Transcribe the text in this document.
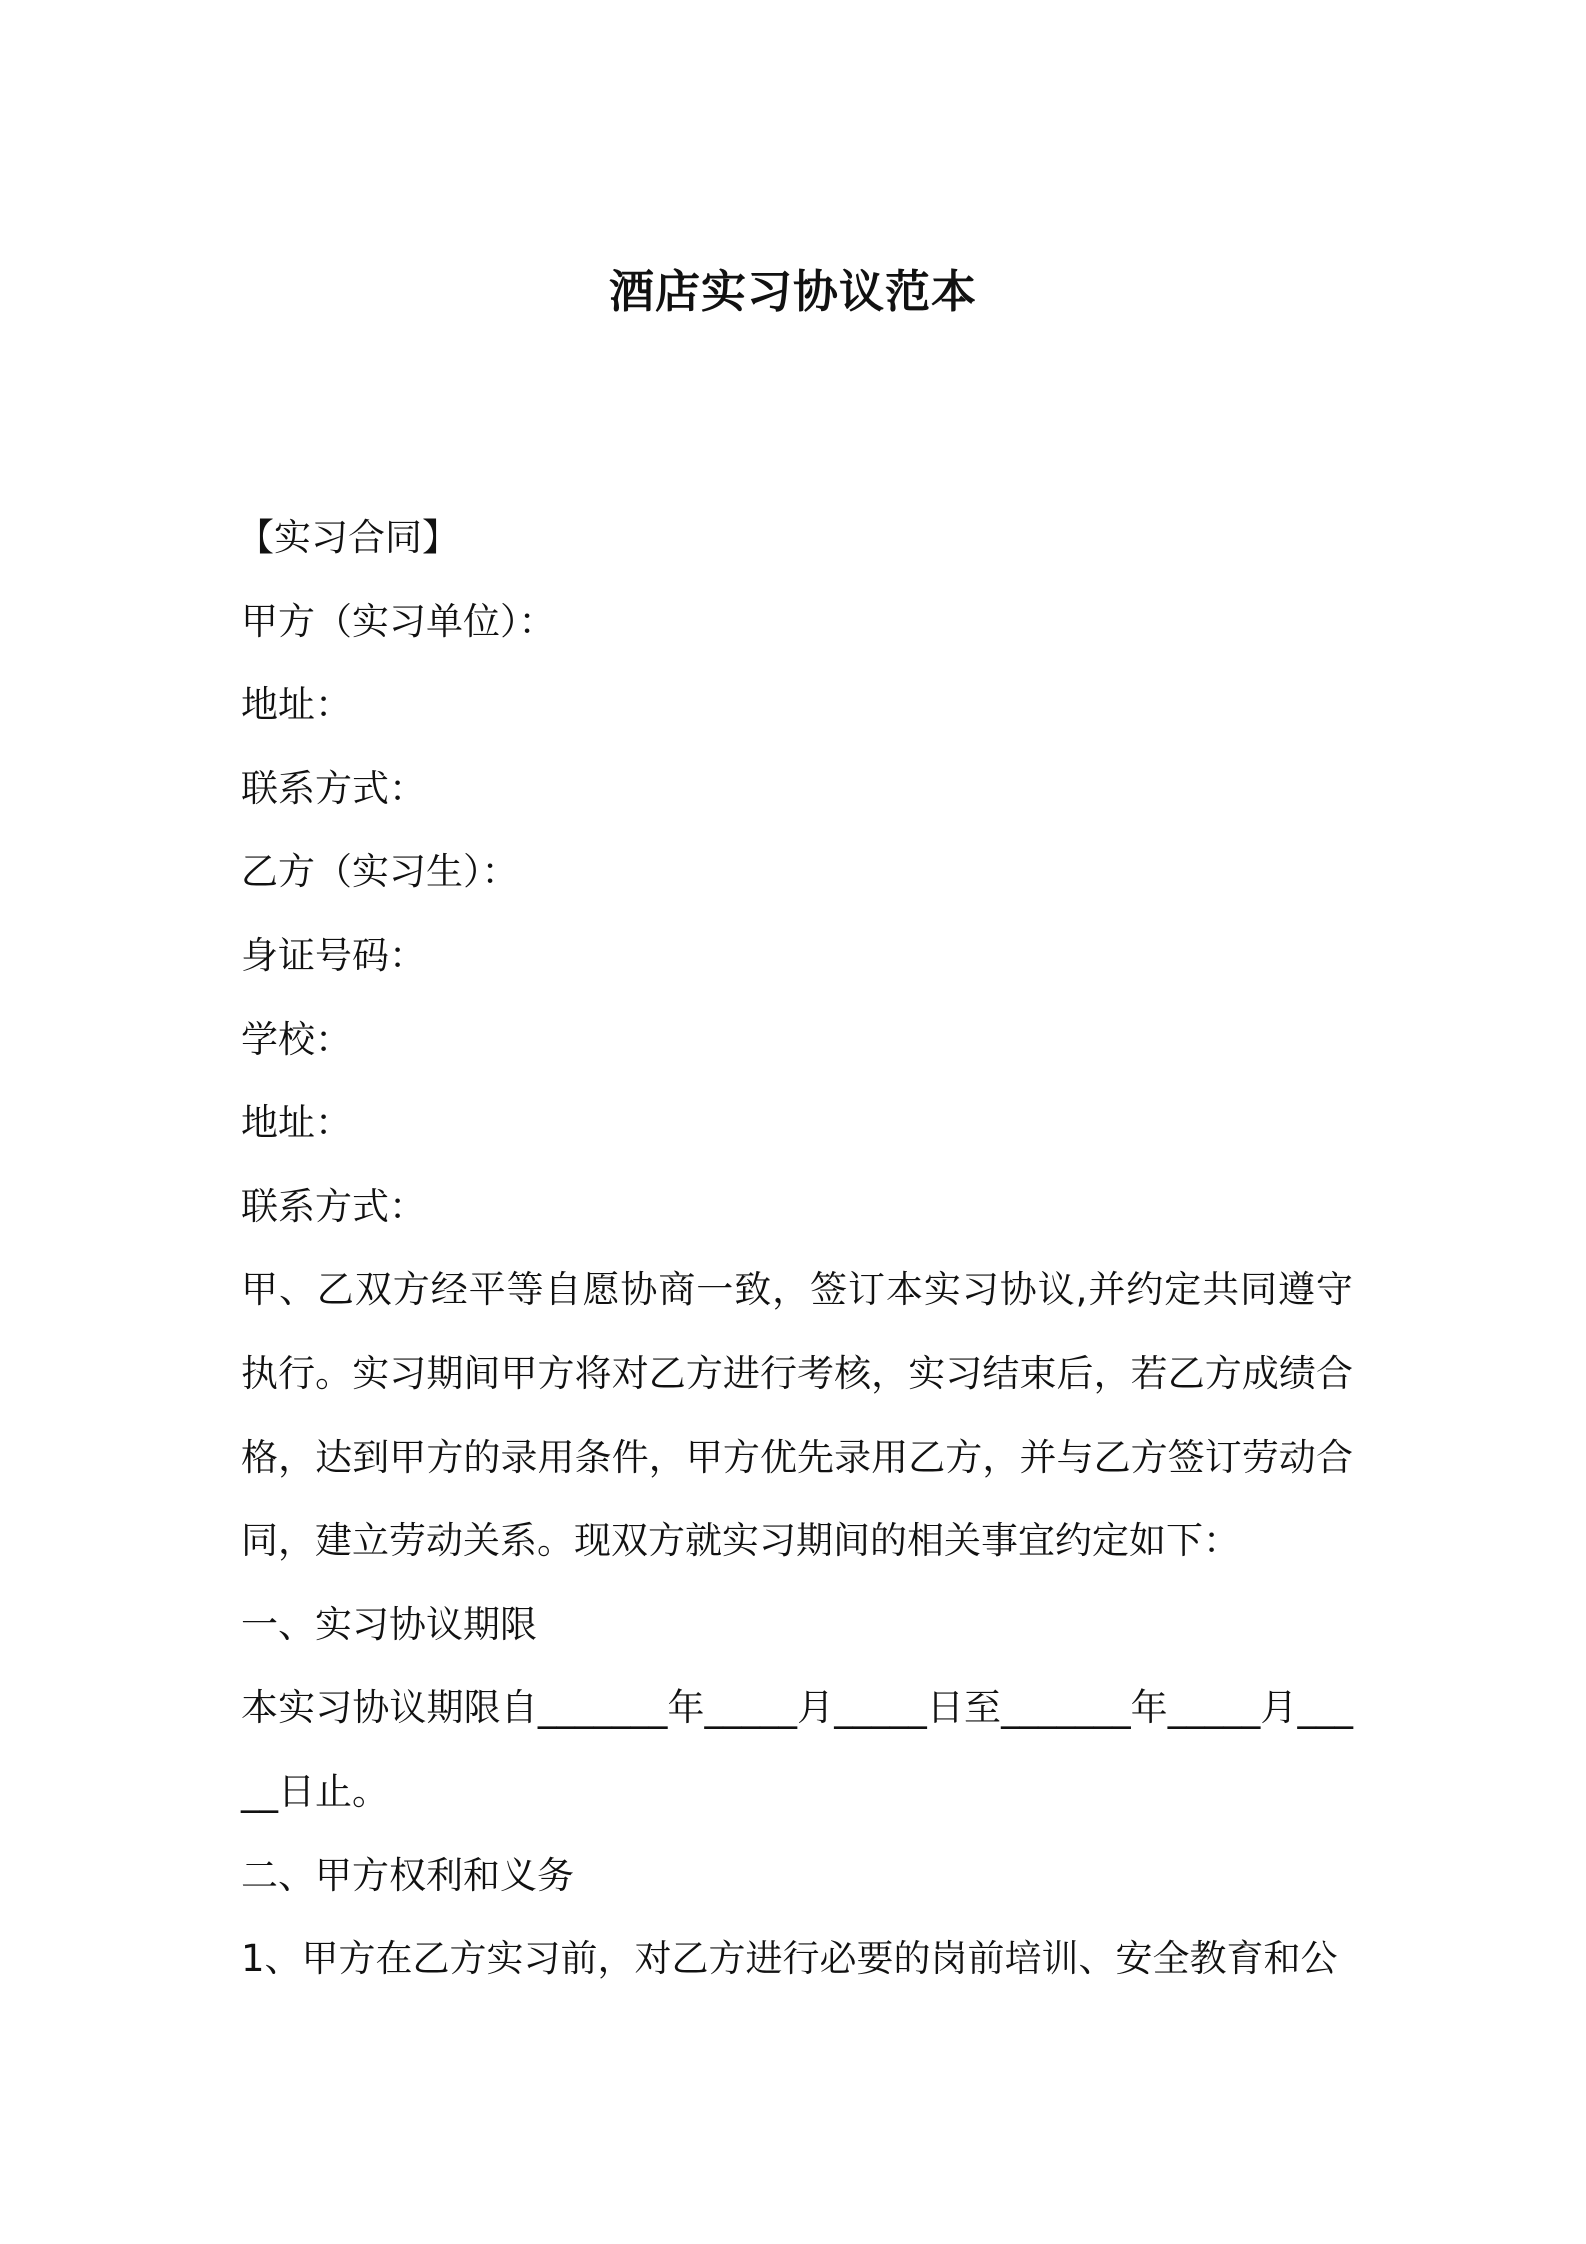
酒店实习协议范本
【实习合同】
甲方（实习单位）：
地址：
联系方式：
乙方（实习生）：
身证号码：
学校：
地址：
联系方式：
甲、乙双方经平等自愿协商一致，签订本实习协议,并约定共同遵守执行。实习期间甲方将对乙方进行考核，实习结束后，若乙方成绩合格，达到甲方的录用条件，甲方优先录用乙方，并与乙方签订劳动合同，建立劳动关系。现双方就实习期间的相关事宜约定如下：
一、实习协议期限
本实习协议期限自_______年_____月_____日至_______年_____月_____日止。
二、甲方权利和义务
1、甲方在乙方实习前，对乙方进行必要的岗前培训、安全教育和公
